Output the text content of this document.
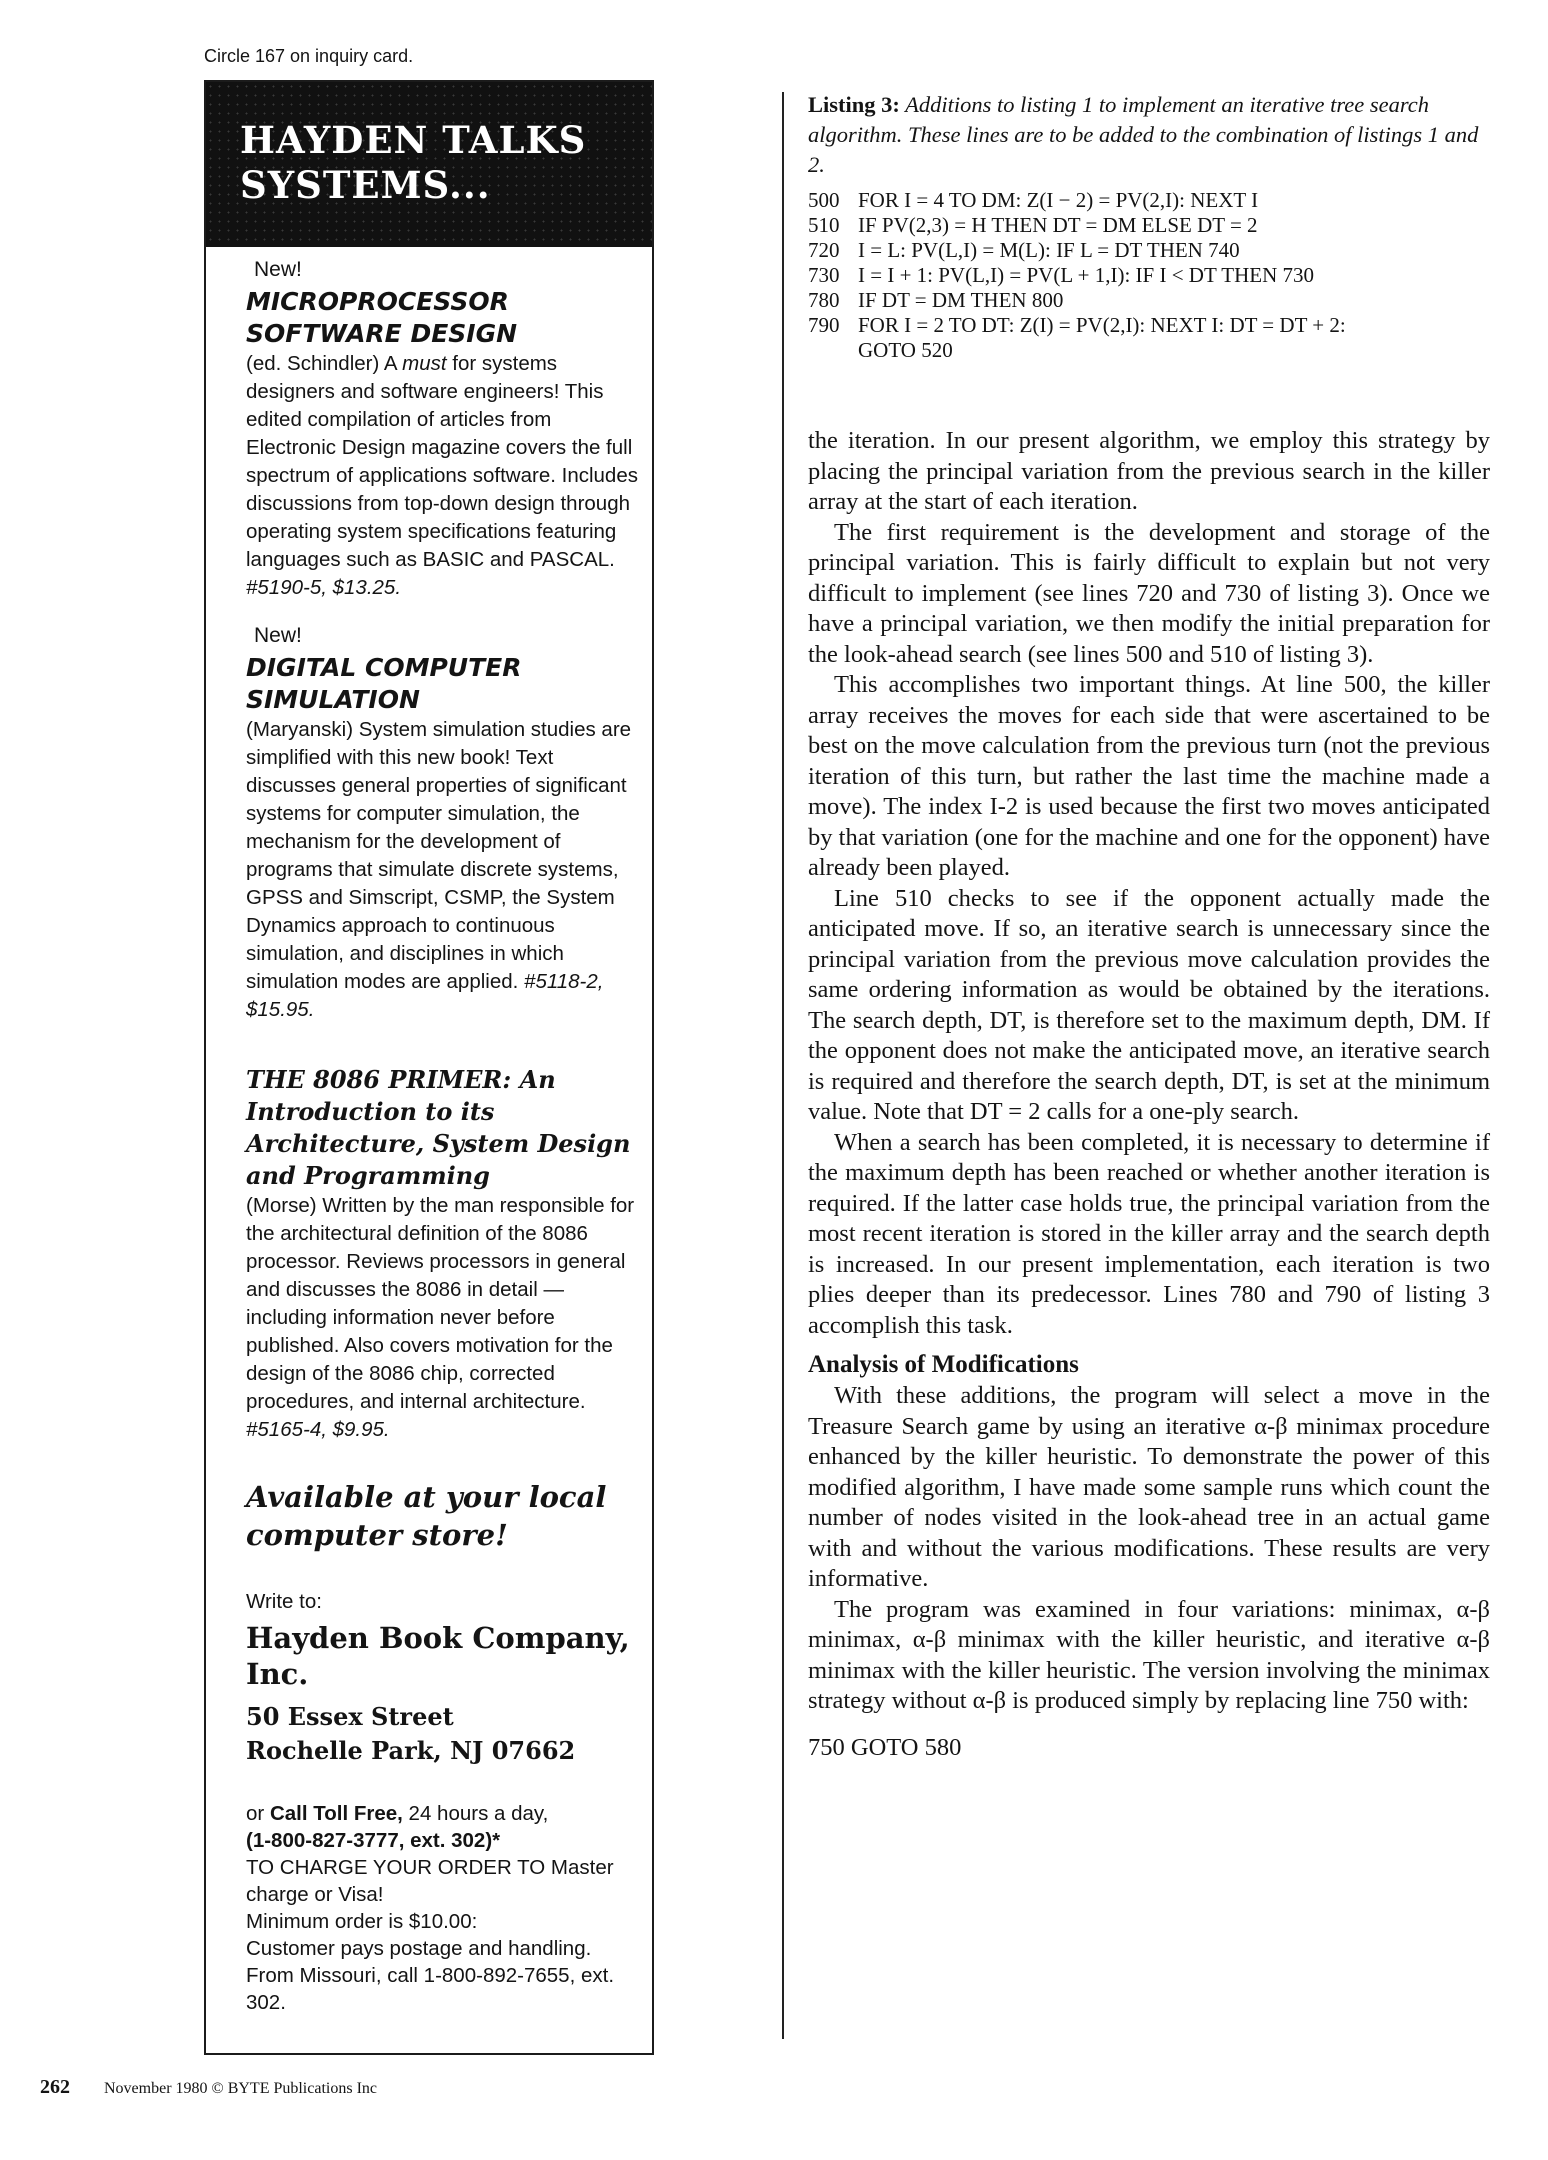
Circle 167 on inquiry card.
HAYDEN TALKS
SYSTEMS...
New!
MICROPROCESSOR
SOFTWARE DESIGN

(ed. Schindler) A must for systems designers and software engineers! This edited compilation of articles from Electronic Design magazine covers the full spectrum of applications software. Includes discussions from top-down design through operating system specifications featuring languages such as BASIC and PASCAL. #5190-5, $13.25.

New!
DIGITAL COMPUTER
SIMULATION

(Maryanski) System simulation studies are simplified with this new book! Text discusses general properties of significant systems for computer simulation, the mechanism for the development of programs that simulate discrete systems, GPSS and Simscript, CSMP, the System Dynamics approach to continuous simulation, and disciplines in which simulation modes are applied. #5118-2, $15.95.

THE 8086 PRIMER: An Introduction to its Architecture, System Design and Programming

(Morse) Written by the man responsible for the architectural definition of the 8086 processor. Reviews processors in general and discusses the 8086 in detail — including information never before published. Also covers motivation for the design of the 8086 chip, corrected procedures, and internal architecture. #5165-4, $9.95.

Available at your local
computer store!

Write to:

Hayden Book Company,
Inc.

50 Essex Street
Rochelle Park, NJ 07662

or Call Toll Free, 24 hours a day,
(1-800-827-3777, ext. 302)*
TO CHARGE YOUR ORDER TO Master charge or Visa!
Minimum order is $10.00:
Customer pays postage and handling.
From Missouri, call 1-800-892-7655, ext. 302.
262 November 1980 © BYTE Publications Inc

Listing 3: Additions to listing 1 to implement an iterative tree search algorithm. These lines are to be added to the combination of listings 1 and 2.

500 FOR I = 4 TO DM: Z(I − 2) = PV(2,I): NEXT I
510 IF PV(2,3) = H THEN DT = DM ELSE DT = 2
720 I = L: PV(L,I) = M(L): IF L = DT THEN 740
730 I = I + 1: PV(L,I) = PV(L + 1,I): IF I < DT THEN 730
780 IF DT = DM THEN 800
790 FOR I = 2 TO DT: Z(I) = PV(2,I): NEXT I: DT = DT + 2:
GOTO 520

the iteration. In our present algorithm, we employ this strategy by placing the principal variation from the previous search in the killer array at the start of each iteration.

The first requirement is the development and storage of the principal variation. This is fairly difficult to explain but not very difficult to implement (see lines 720 and 730 of listing 3). Once we have a principal variation, we then modify the initial preparation for the look-ahead search (see lines 500 and 510 of listing 3).

This accomplishes two important things. At line 500, the killer array receives the moves for each side that were ascertained to be best on the move calculation from the previous turn (not the previous iteration of this turn, but rather the last time the machine made a move). The index I-2 is used because the first two moves anticipated by that variation (one for the machine and one for the opponent) have already been played.

Line 510 checks to see if the opponent actually made the anticipated move. If so, an iterative search is unnecessary since the principal variation from the previous move calculation provides the same ordering information as would be obtained by the iterations. The search depth, DT, is therefore set to the maximum depth, DM. If the opponent does not make the anticipated move, an iterative search is required and therefore the search depth, DT, is set at the minimum value. Note that DT = 2 calls for a one-ply search.

When a search has been completed, it is necessary to determine if the maximum depth has been reached or whether another iteration is required. If the latter case holds true, the principal variation from the most recent iteration is stored in the killer array and the search depth is increased. In our present implementation, each iteration is two plies deeper than its predecessor. Lines 780 and 790 of listing 3 accomplish this task.

Analysis of Modifications

With these additions, the program will select a move in the Treasure Search game by using an iterative α-β minimax procedure enhanced by the killer heuristic. To demonstrate the power of this modified algorithm, I have made some sample runs which count the number of nodes visited in the look-ahead tree in an actual game with and without the various modifications. These results are very informative.

The program was examined in four variations: minimax, α-β minimax, α-β minimax with the killer heuristic, and iterative α-β minimax with the killer heuristic. The version involving the minimax strategy without α-β is produced simply by replacing line 750 with:

750 GOTO 580
